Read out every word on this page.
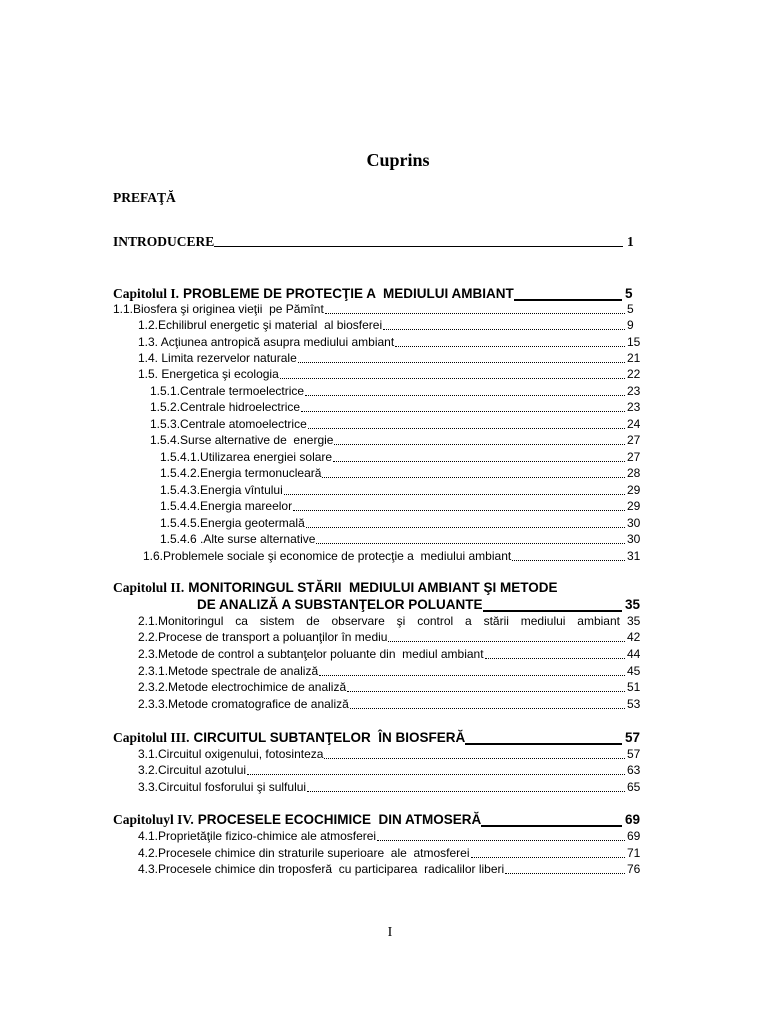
Cuprins
PREFAŢĂ
INTRODUCERE	1
Capitolul I. PROBLEME DE PROTECŢIE A  MEDIULUI AMBIANT	5
1.1.Biosfera şi originea vieţii  pe Pămînt	5
1.2.Echilibrul energetic şi material  al biosferei	9
1.3. Acţiunea antropică asupra mediului ambiant	15
1.4. Limita rezervelor naturale	21
1.5. Energetica şi ecologia	22
1.5.1.Centrale termoelectrice	23
1.5.2.Centrale hidroelectrice	23
1.5.3.Centrale atomoelectrice	24
1.5.4.Surse alternative de  energie	27
1.5.4.1.Utilizarea energiei solare	27
1.5.4.2.Energia termonucleară	28
1.5.4.3.Energia vîntului	29
1.5.4.4.Energia mareelor	29
1.5.4.5.Energia geotermală	30
1.5.4.6 .Alte surse alternative	30
1.6.Problemele sociale şi economice de protecţie a  mediului ambiant	31
Capitolul II. MONITORINGUL STĂRII  MEDIULUI AMBIANT ŞI METODE
DE ANALIZĂ A SUBSTANŢELOR POLUANTE	35
2.1.Monitoringul ca sistem de observare şi control a stării mediului ambiant 35
2.2.Procese de transport a poluanţilor în mediu	42
2.3.Metode de control a subtanţelor poluante din  mediul ambiant	44
2.3.1.Metode spectrale de analiză	45
2.3.2.Metode electrochimice de analiză	51
2.3.3.Metode cromatografice de analiză	53
Capitolul III. CIRCUITUL SUBTANŢELOR  ÎN BIOSFERĂ	57
3.1.Circuitul oxigenului, fotosinteza	57
3.2.Circuitul azotului	63
3.3.Circuitul fosforului şi sulfului	65
Capitoluyl IV. PROCESELE ECOCHIMICE  DIN ATMOSERĂ	69
4.1.Proprietăţile fizico-chimice ale atmosferei	69
4.2.Procesele chimice din straturile superioare  ale  atmosferei	71
4.3.Procesele chimice din troposferă  cu participarea  radicalilor liberi	76
I
